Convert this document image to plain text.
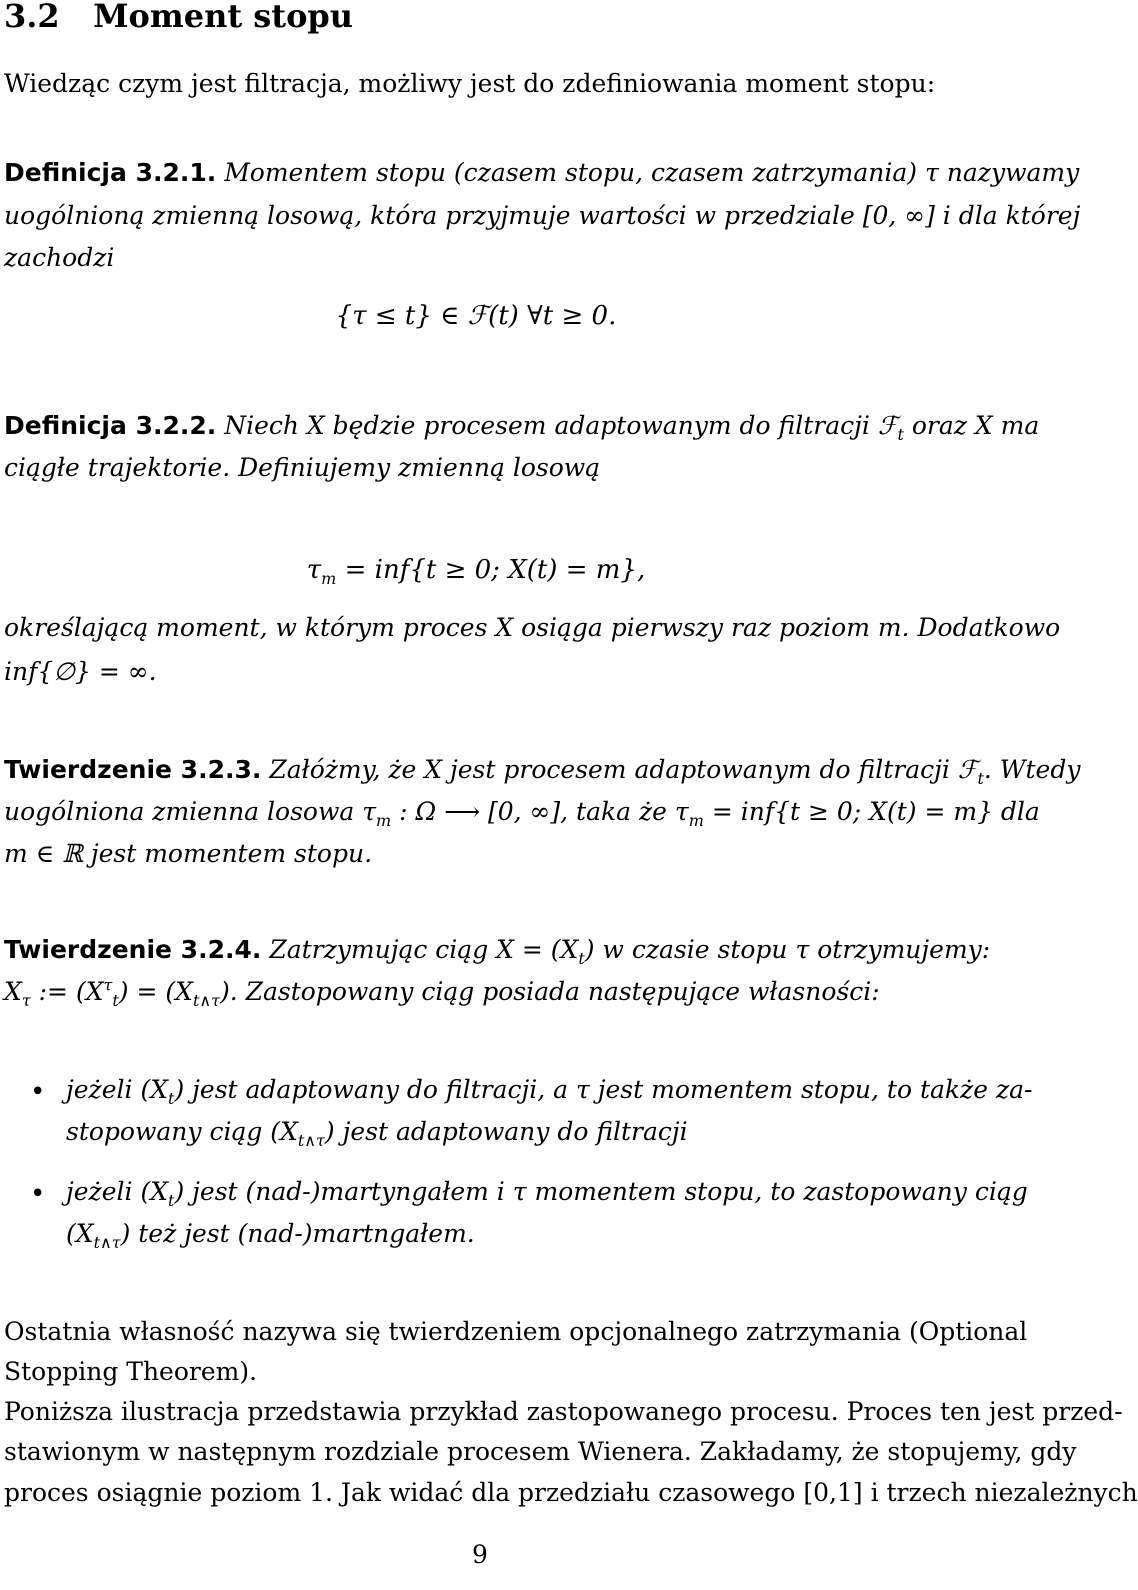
3.2 Moment stopu
Wiedząc czym jest filtracja, możliwy jest do zdefiniowania moment stopu:
Definicja 3.2.1. Momentem stopu (czasem stopu, czasem zatrzymania) τ nazywamy
uogólnioną zmienną losową, która przyjmuje wartości w przedziale [0, ∞] i dla której
zachodzi
{τ ≤ t} ∈ ℱ(t) ∀t ≥ 0.
Definicja 3.2.2. Niech X będzie procesem adaptowanym do filtracji ℱ$_t$ oraz X ma
ciągłe trajektorie. Definiujemy zmienną losową
$\tau_m = inf\{t \ge 0$; X(t) = m},
określającą moment, w którym proces X osiąga pierwszy raz poziom m. Dodatkowo
inf{∅} = ∞.
Twierdzenie 3.2.3. Załóżmy, że X jest procesem adaptowanym do filtracji ℱ$_t$. Wtedy
uogólniona zmienna losowa $\tau_m$ : Ω ⟶ [0, ∞], taka że $\tau_m = inf\{t \ge 0$; X(t) = m} dla
m ∈ ℝ jest momentem stopu.
Twierdzenie 3.2.4. Zatrzymując ciąg $X = (X_t)$ w czasie stopu τ otrzymujemy:
$X_\tau$ := $(X^\tau_t) = (X_{t\wedge\tau})$. Zastopowany ciąg posiada następujące własności:
• jeżeli $(X_t)$ jest adaptowany do filtracji, a τ jest momentem stopu, to także za-
stopowany ciąg $(X_{t\wedge\tau})$ jest adaptowany do filtracji
• jeżeli $(X_t)$ jest (nad-)martyngałem i τ momentem stopu, to zastopowany ciąg
$(X_{t\wedge\tau})$ też jest (nad-)martngałem.
Ostatnia własność nazywa się twierdzeniem opcjonalnego zatrzymania (Optional
Stopping Theorem).
Poniższa ilustracja przedstawia przykład zastopowanego procesu. Proces ten jest przed-
stawionym w następnym rozdziale procesem Wienera. Zakładamy, że stopujemy, gdy
proces osiągnie poziom 1. Jak widać dla przedziału czasowego [0,1] i trzech niezależnych
9
